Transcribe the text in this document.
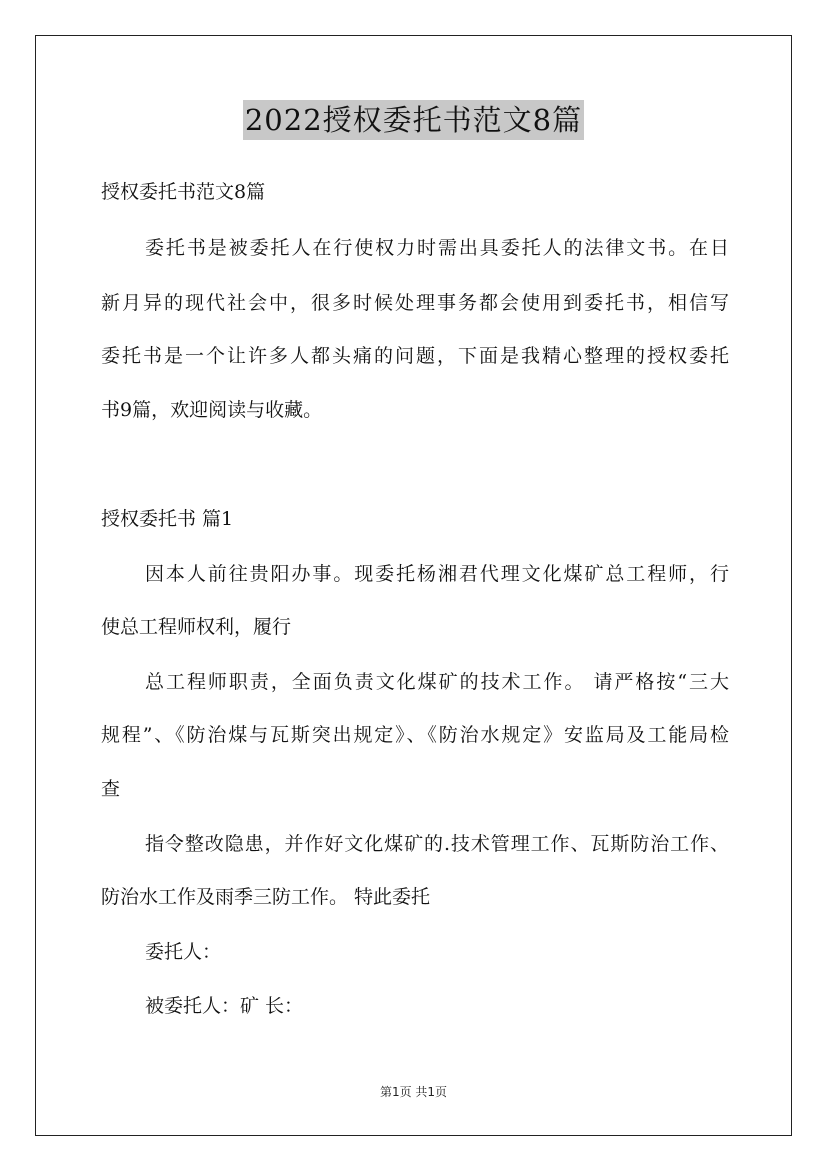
2022授权委托书范文8篇
授权委托书范文8篇
委托书是被委托人在行使权力时需出具委托人的法律文书。在日
新月异的现代社会中，很多时候处理事务都会使用到委托书，相信写
委托书是一个让许多人都头痛的问题，下面是我精心整理的授权委托
书9篇，欢迎阅读与收藏。
授权委托书 篇1
因本人前往贵阳办事。现委托杨湘君代理文化煤矿总工程师，行
使总工程师权利，履行
总工程师职责，全面负责文化煤矿的技术工作。 请严格按“三大
规程”、《防治煤与瓦斯突出规定》、《防治水规定》安监局及工能局检
查
指令整改隐患，并作好文化煤矿的.技术管理工作、瓦斯防治工作、
防治水工作及雨季三防工作。 特此委托
委托人：
被委托人：矿 长：
第1页 共1页
